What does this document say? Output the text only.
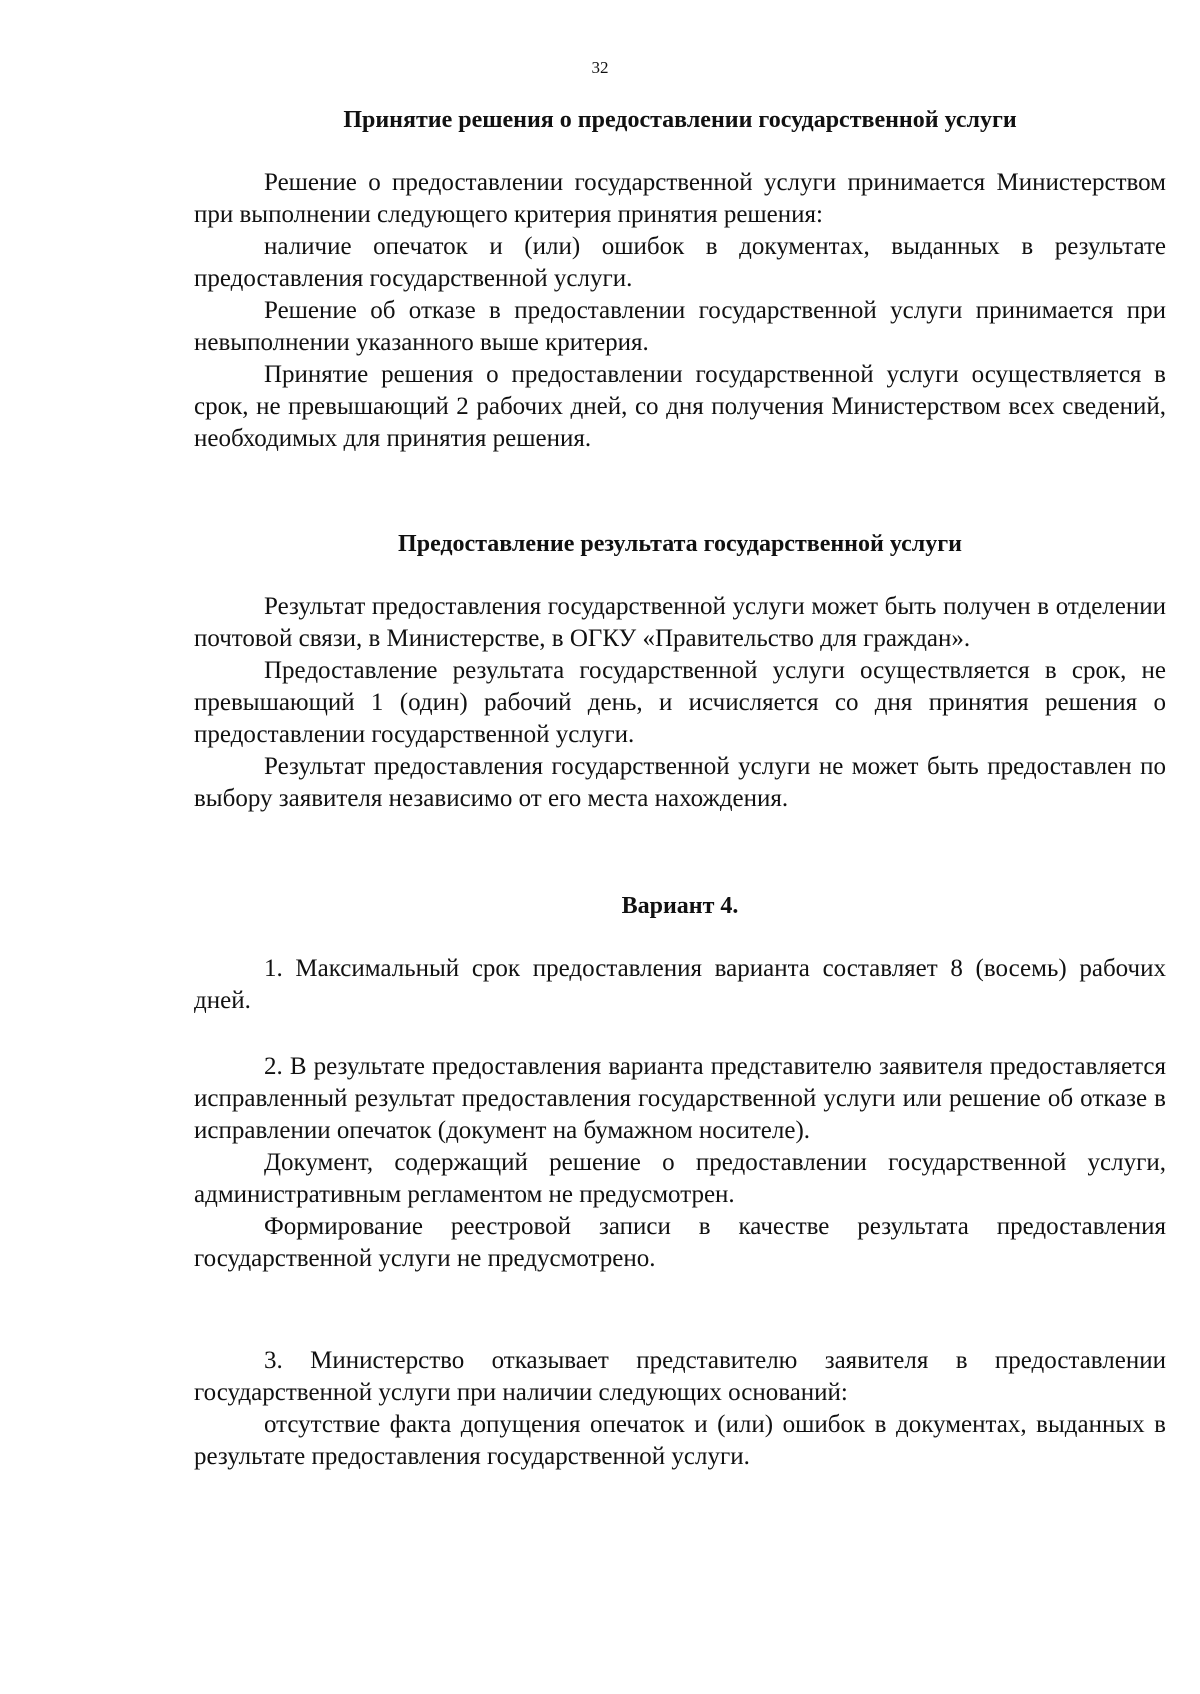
32
Принятие решения о предоставлении государственной услуги

Решение о предоставлении государственной услуги принимается Министерством при выполнении следующего критерия принятия решения:

наличие опечаток и (или) ошибок в документах, выданных в результате предоставления государственной услуги.

Решение об отказе в предоставлении государственной услуги принимается при невыполнении указанного выше критерия.

Принятие решения о предоставлении государственной услуги осуществляется в срок, не превышающий 2 рабочих дней, со дня получения Министерством всех сведений, необходимых для принятия решения.

Предоставление результата государственной услуги

Результат предоставления государственной услуги может быть получен в отделении почтовой связи, в Министерстве, в ОГКУ «Правительство для граждан».

Предоставление результата государственной услуги осуществляется в срок, не превышающий 1 (один) рабочий день, и исчисляется со дня принятия решения о предоставлении государственной услуги.

Результат предоставления государственной услуги не может быть предоставлен по выбору заявителя независимо от его места нахождения.

Вариант 4.

1. Максимальный срок предоставления варианта составляет 8 (восемь) рабочих дней.

2. В результате предоставления варианта представителю заявителя предоставляется исправленный результат предоставления государственной услуги или решение об отказе в исправлении опечаток (документ на бумажном носителе).

Документ, содержащий решение о предоставлении государственной услуги, административным регламентом не предусмотрен.

Формирование реестровой записи в качестве результата предоставления государственной услуги не предусмотрено.

3. Министерство отказывает представителю заявителя в предоставлении государственной услуги при наличии следующих оснований:

отсутствие факта допущения опечаток и (или) ошибок в документах, выданных в результате предоставления государственной услуги.
